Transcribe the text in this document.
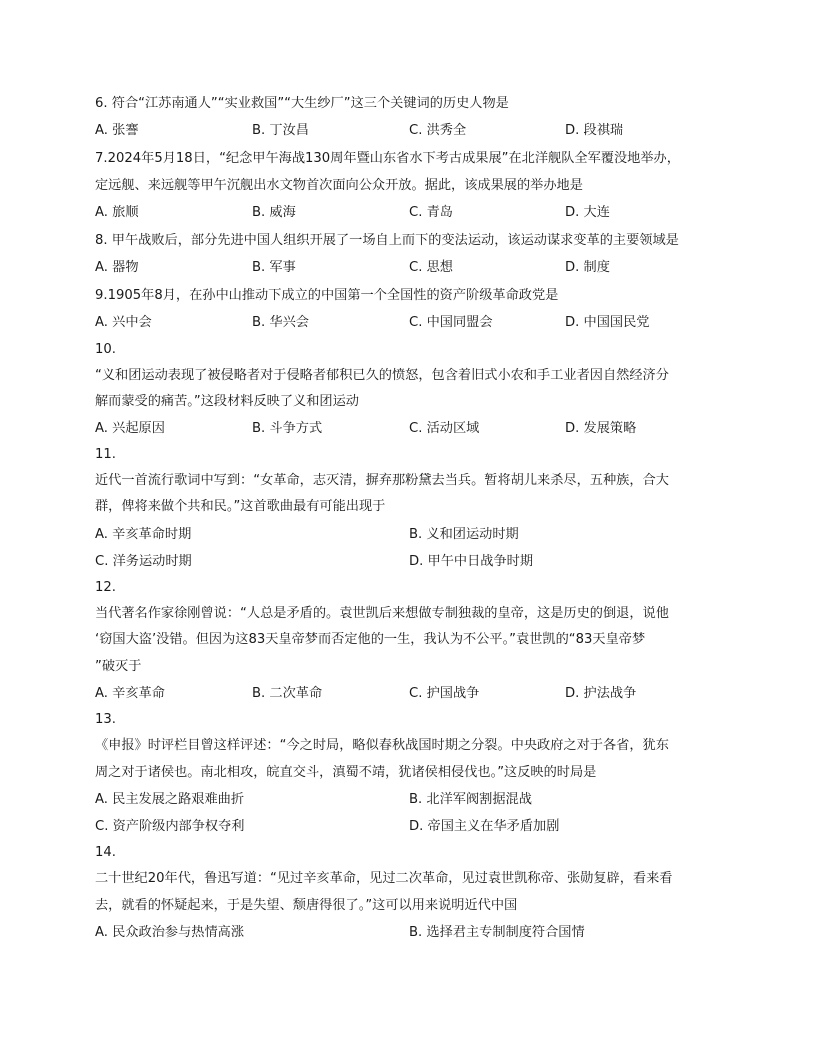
6. 符合“江苏南通人”“实业救国”“大生纱厂”这三个关键词的历史人物是
A. 张謇	B. 丁汝昌	C. 洪秀全	D. 段祺瑞
7.2024年5月18日，“纪念甲午海战130周年暨山东省水下考古成果展”在北洋舰队全军覆没地举办，
定远舰、来远舰等甲午沉舰出水文物首次面向公众开放。据此，该成果展的举办地是
A. 旅顺	B. 威海	C. 青岛	D. 大连
8. 甲午战败后，部分先进中国人组织开展了一场自上而下的变法运动，该运动谋求变革的主要领域是
A. 器物	B. 军事	C. 思想	D. 制度
9.1905年8月，在孙中山推动下成立的中国第一个全国性的资产阶级革命政党是
A. 兴中会	B. 华兴会	C. 中国同盟会	D. 中国国民党
10.
“义和团运动表现了被侵略者对于侵略者郁积已久的愤怒，包含着旧式小农和手工业者因自然经济分
解而蒙受的痛苦。”这段材料反映了义和团运动
A. 兴起原因	B. 斗争方式	C. 活动区域	D. 发展策略
11.
近代一首流行歌词中写到：“女革命，志灭清，摒弃那粉黛去当兵。暂将胡儿来杀尽，五种族，合大
群，俾将来做个共和民。”这首歌曲最有可能出现于
A. 辛亥革命时期	B. 义和团运动时期
C. 洋务运动时期	D. 甲午中日战争时期
12.
当代著名作家徐刚曾说：“人总是矛盾的。袁世凯后来想做专制独裁的皇帝，这是历史的倒退，说他
‘窃国大盗’没错。但因为这83天皇帝梦而否定他的一生，我认为不公平。”袁世凯的“83天皇帝梦
”破灭于
A. 辛亥革命	B. 二次革命	C. 护国战争	D. 护法战争
13.
《申报》时评栏目曾这样评述：“今之时局，略似春秋战国时期之分裂。中央政府之对于各省，犹东
周之对于诸侯也。南北相攻，皖直交斗，滇蜀不靖，犹诸侯相侵伐也。”这反映的时局是
A. 民主发展之路艰难曲折	B. 北洋军阀割据混战
C. 资产阶级内部争权夺利	D. 帝国主义在华矛盾加剧
14.
二十世纪20年代，鲁迅写道：“见过辛亥革命，见过二次革命，见过袁世凯称帝、张勋复辟，看来看
去，就看的怀疑起来，于是失望、颓唐得很了。”这可以用来说明近代中国
A. 民众政治参与热情高涨	B. 选择君主专制制度符合国情
